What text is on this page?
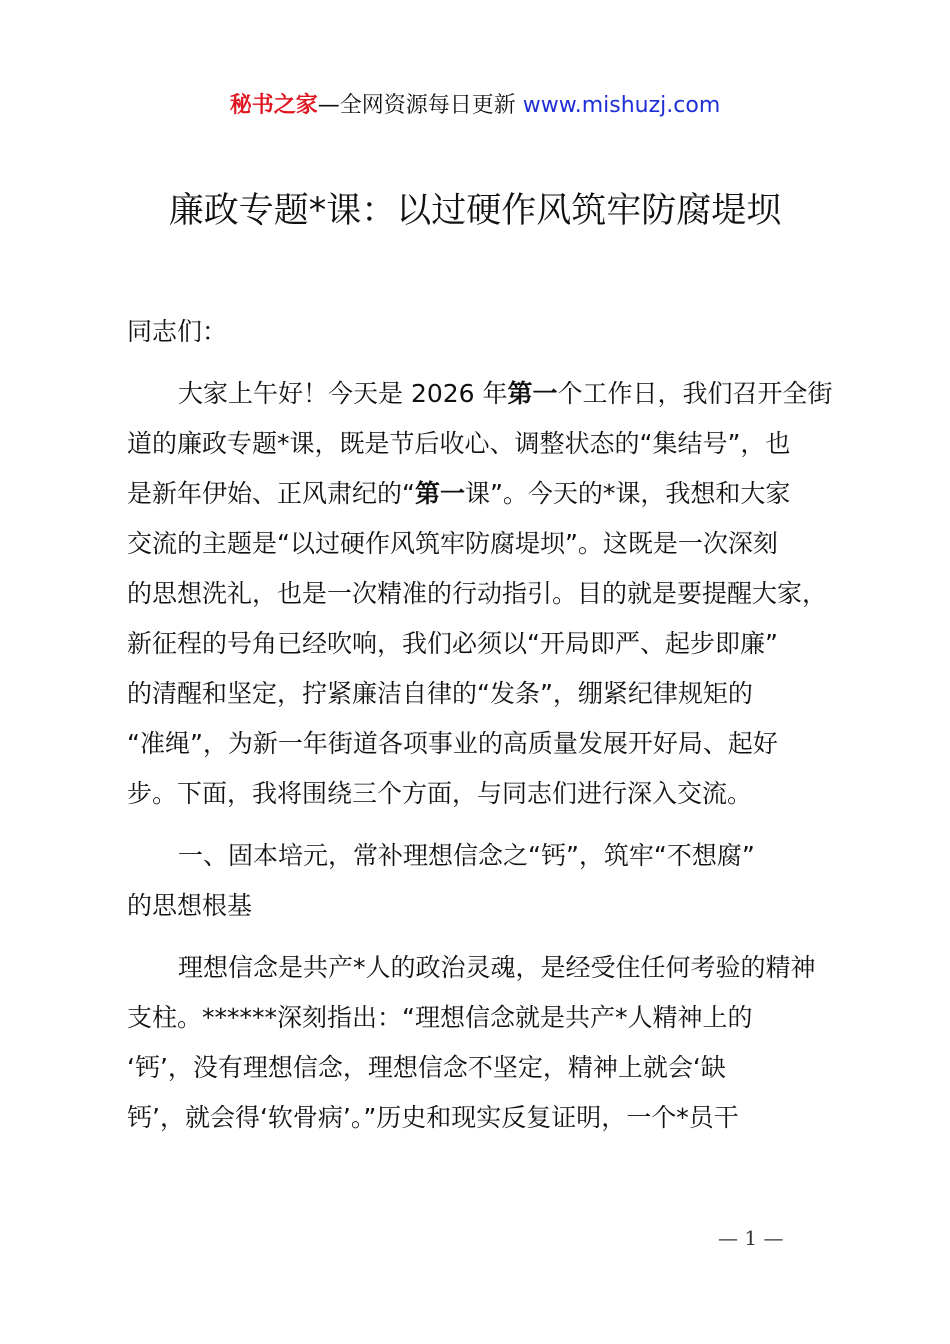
秘书之家—全网资源每日更新 www.mishuzj.com
廉政专题*课：以过硬作风筑牢防腐堤坝
同志们：
大家上午好！今天是 2026 年第一个工作日，我们召开全街
道的廉政专题*课，既是节后收心、调整状态的“集结号”，也
是新年伊始、正风肃纪的“第一课”。今天的*课，我想和大家
交流的主题是“以过硬作风筑牢防腐堤坝”。这既是一次深刻
的思想洗礼，也是一次精准的行动指引。目的就是要提醒大家，
新征程的号角已经吹响，我们必须以“开局即严、起步即廉”
的清醒和坚定，拧紧廉洁自律的“发条”，绷紧纪律规矩的
“准绳”，为新一年街道各项事业的高质量发展开好局、起好
步。下面，我将围绕三个方面，与同志们进行深入交流。
一、固本培元，常补理想信念之“钙”，筑牢“不想腐”
的思想根基
理想信念是共产*人的政治灵魂，是经受住任何考验的精神
支柱。******深刻指出：“理想信念就是共产*人精神上的
‘钙’，没有理想信念，理想信念不坚定，精神上就会‘缺
钙’，就会得‘软骨病’。”历史和现实反复证明，一个*员干
— 1 —
